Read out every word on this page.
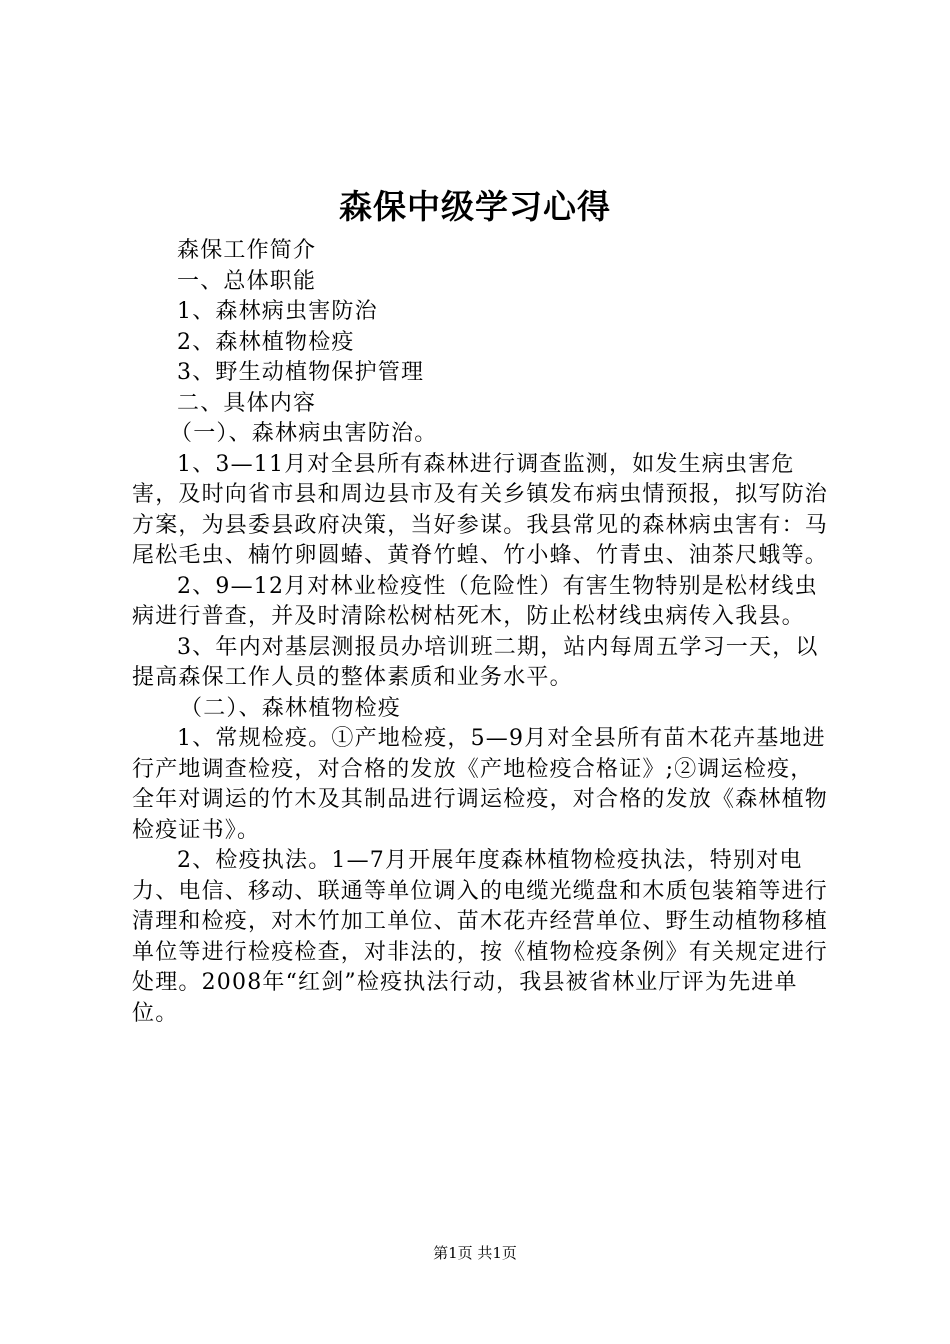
森保中级学习心得

森保工作简介

一、总体职能

1、森林病虫害防治

2、森林植物检疫

3、野生动植物保护管理

二、具体内容

（一）、森林病虫害防治。

1、3—11月对全县所有森林进行调查监测，如发生病虫害危害，及时向省市县和周边县市及有关乡镇发布病虫情预报，拟写防治方案，为县委县政府决策，当好参谋。我县常见的森林病虫害有：马尾松毛虫、楠竹卵圆蝽、黄脊竹蝗、竹小蜂、竹青虫、油茶尺蛾等。

2、9—12月对林业检疫性（危险性）有害生物特别是松材线虫病进行普查，并及时清除松树枯死木，防止松材线虫病传入我县。

3、年内对基层测报员办培训班二期，站内每周五学习一天，以提高森保工作人员的整体素质和业务水平。

（二）、森林植物检疫

1、常规检疫。①产地检疫，5—9月对全县所有苗木花卉基地进行产地调查检疫，对合格的发放《产地检疫合格证》;②调运检疫，全年对调运的竹木及其制品进行调运检疫，对合格的发放《森林植物检疫证书》。

2、检疫执法。1—7月开展年度森林植物检疫执法，特别对电力、电信、移动、联通等单位调入的电缆光缆盘和木质包装箱等进行清理和检疫，对木竹加工单位、苗木花卉经营单位、野生动植物移植单位等进行检疫检查，对非法的，按《植物检疫条例》有关规定进行处理。2008年“红剑”检疫执法行动，我县被省林业厅评为先进单位。

第1页 共1页
